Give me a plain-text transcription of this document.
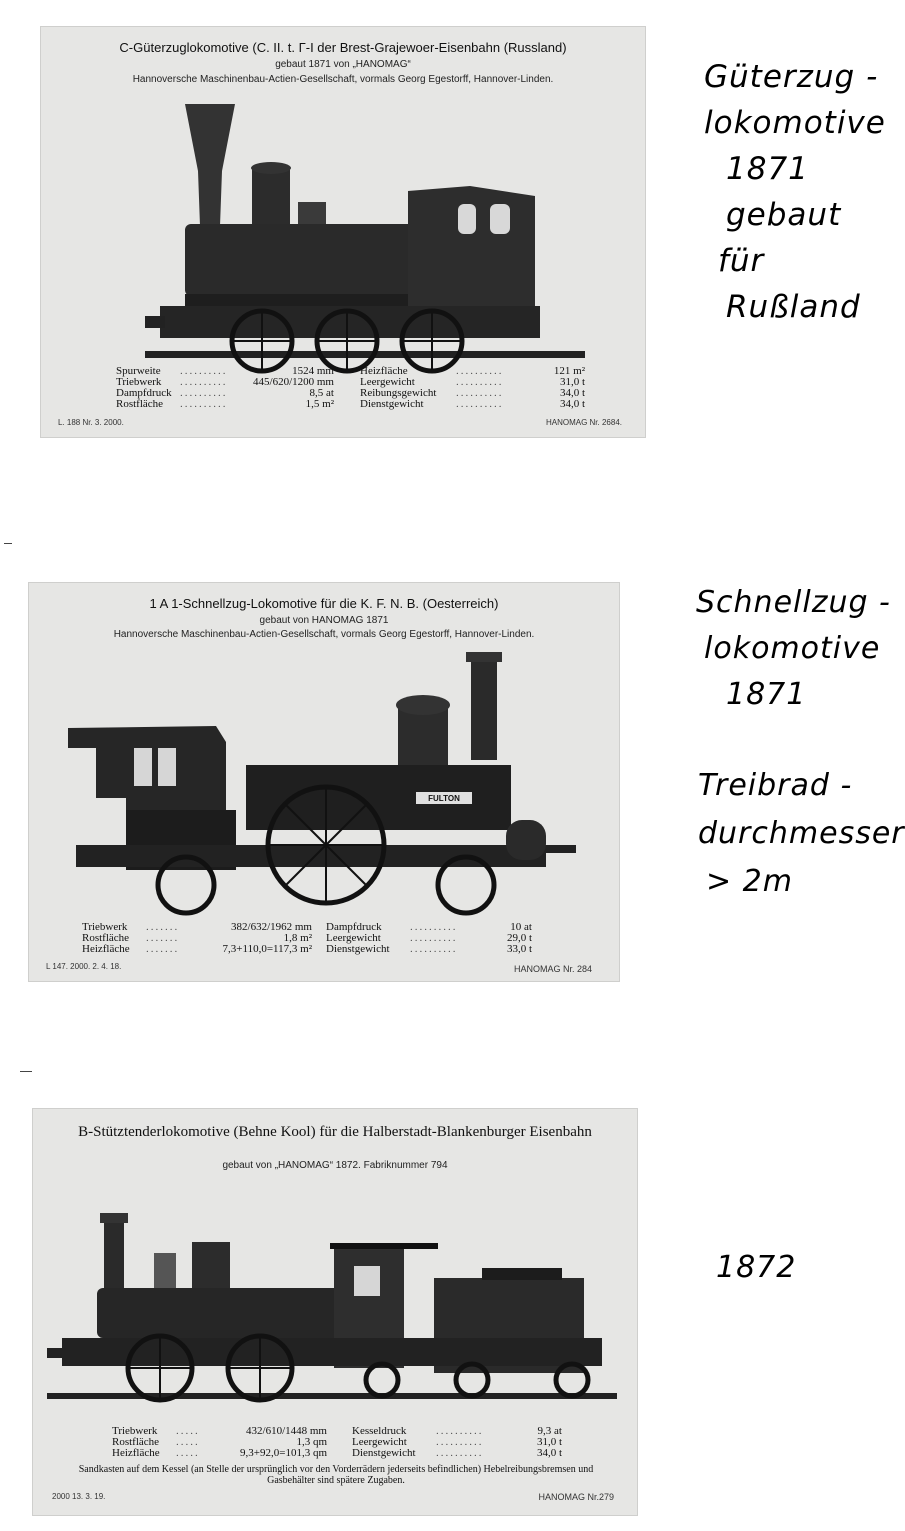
C-Güterzuglokomotive (C. II. t. Γ-I der Brest-Grajewoer-Eisenbahn (Russland)
gebaut 1871 von „HANOMAG“
Hannoversche Maschinenbau-Actien-Gesellschaft, vormals Georg Egestorff, Hannover-Linden.
Spurweite	..........	1524 mm
Triebwerk	..........	445/620/1200 mm
Dampfdruck ..........	8,5 at
Rostfläche	..........	1,5 m²
Heizfläche	..........	121 m²
Leergewicht	..........	31,0 t
Reibungsgewicht	..........	34,0 t
Dienstgewicht	..........	34,0 t
L. 188 Nr. 3. 2000.	HANOMAG Nr. 2684.
1 A 1-Schnellzug-Lokomotive für die K. F. N. B. (Oesterreich)
gebaut von HANOMAG 1871
Hannoversche Maschinenbau-Actien-Gesellschaft, vormals Georg Egestorff, Hannover-Linden.
FULTON
Triebwerk	.......	382/632/1962 mm
Rostfläche	.......	1,8 m²
Heizfläche	.......	7,3+110,0=117,3 m²
Dampfdruck	..........	10 at
Leergewicht	..........	29,0 t
Dienstgewicht	..........	33,0 t
L 147. 2000. 2. 4. 18.	HANOMAG Nr. 284
B-Stütztenderlokomotive (Behne Kool) für die Halberstadt-Blankenburger Eisenbahn
gebaut von „HANOMAG“ 1872. Fabriknummer 794
Triebwerk	.....	432/610/1448 mm
Rostfläche	.....	1,3 qm
Heizfläche	.....	9,3+92,0=101,3 qm
Kesseldruck	..........	9,3 at
Leergewicht	..........	31,0 t
Dienstgewicht	..........	34,0 t
Sandkasten auf dem Kessel (an Stelle der ursprünglich vor den Vorderrädern jederseits befindlichen) Hebelreibungsbremsen und Gasbehälter sind spätere Zugaben.
2000 13. 3. 19.	HANOMAG Nr.279
Güterzug -
lokomotive
1871
gebaut
für
Rußland
Schnellzug -
lokomotive
1871
Treibrad -
durchmesser
> 2m
1872
